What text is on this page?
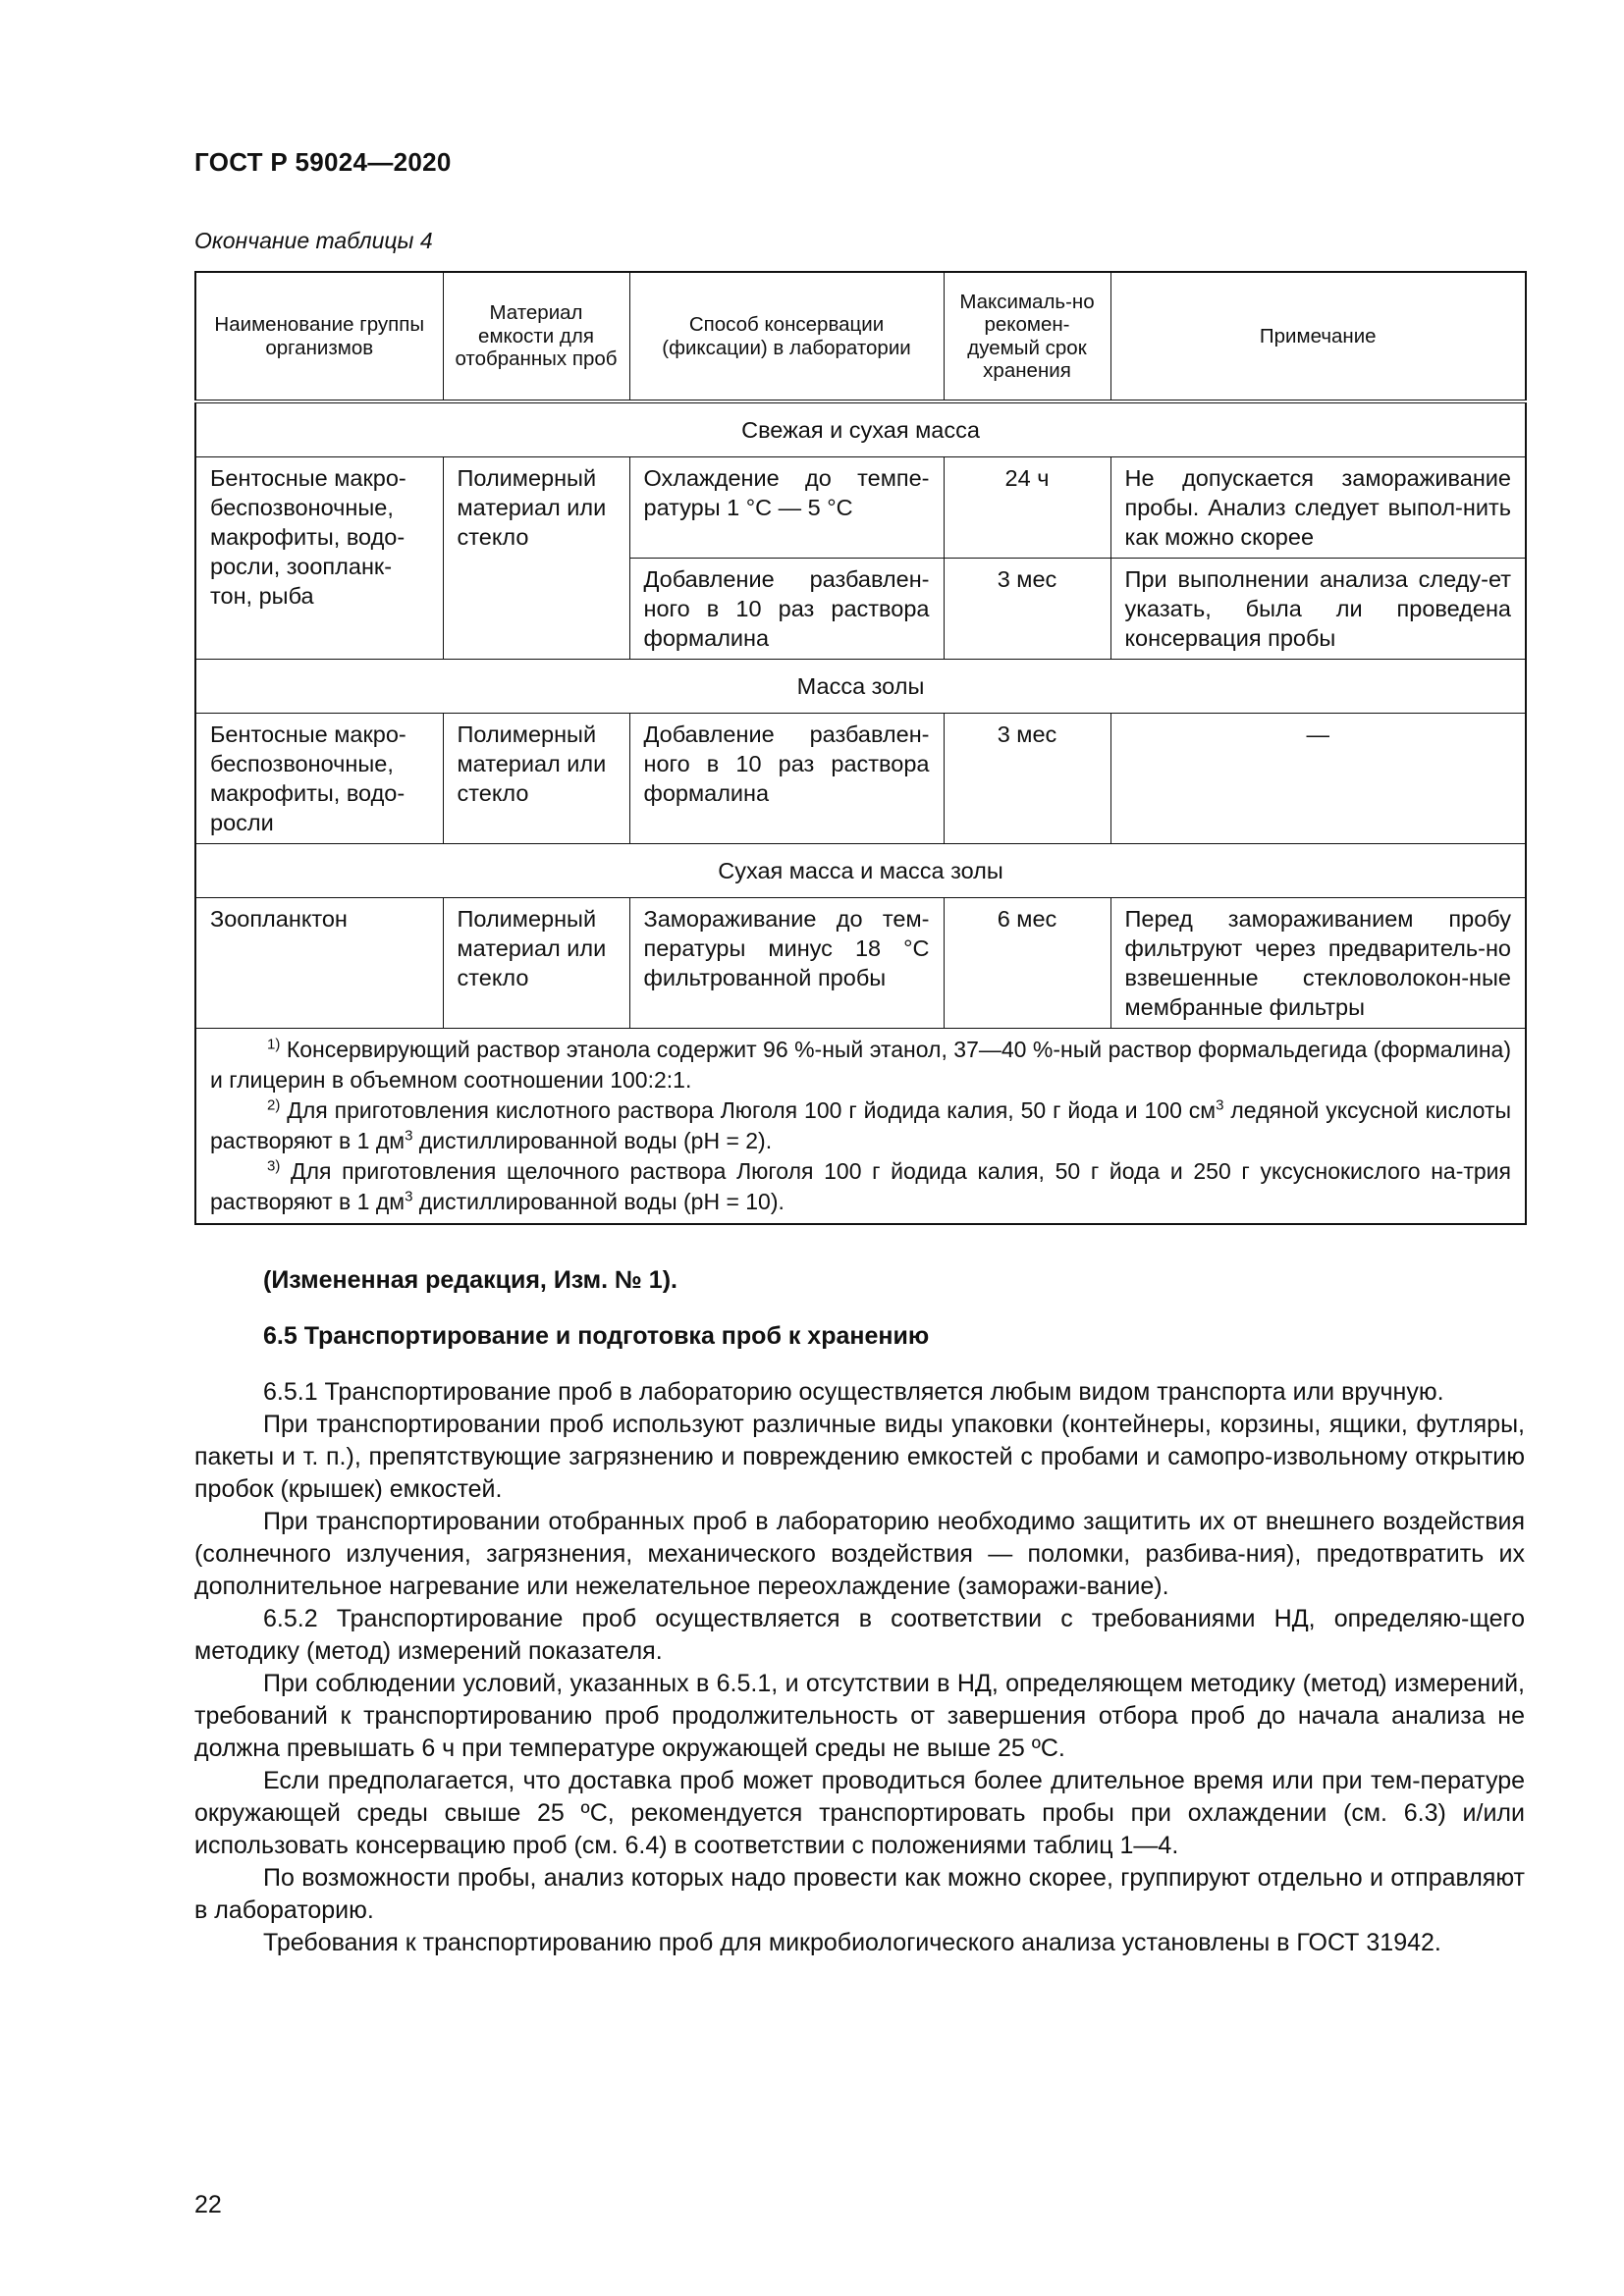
ГОСТ Р 59024—2020
Окончание таблицы 4
Наименование группы организмов	Материал емкости для отобранных проб	Способ консервации (фиксации) в лаборатории	Максималь-но рекомен-дуемый срок хранения	Примечание
Свежая и сухая масса				
Бентосные макро-беспозвоночные, макрофиты, водо-росли, зоопланк-тон, рыба	Полимерный материал или стекло	Охлаждение до темпе-ратуры 1 °С — 5 °С	24 ч	Не допускается замораживание пробы. Анализ следует выпол-нить как можно скорее
		Добавление разбавлен-ного в 10 раз раствора формалина	3 мес	При выполнении анализа следу-ет указать, была ли проведена консервация пробы
Масса золы				
Бентосные макро-беспозвоночные, макрофиты, водо-росли	Полимерный материал или стекло	Добавление разбавлен-ного в 10 раз раствора формалина	3 мес	—
Сухая масса и масса золы				
Зоопланктон	Полимерный материал или стекло	Замораживание до тем-пературы минус 18 °С фильтрованной пробы	6 мес	Перед замораживанием пробу фильтруют через предваритель-но взвешенные стекловолокон-ные мембранные фильтры

$^{1)}$ Консервирующий раствор этанола содержит 96 %-ный этанол, 37—40 %-ный раствор формальдегида (формалина) и глицерин в объемном соотношении 100:2:1.
$^{2)}$ Для приготовления кислотного раствора Люголя 100 г йодида калия, 50 г йода и 100 $см^3$ ледяной уксусной кислоты растворяют в 1 $дм^3$ дистиллированной воды (рН = 2).
$^{3)}$ Для приготовления щелочного раствора Люголя 100 г йодида калия, 50 г йода и 250 г уксуснокислого на-трия растворяют в 1 $дм^3$ дистиллированной воды (рН = 10).				

(Измененная редакция, Изм. № 1).

6.5 Транспортирование и подготовка проб к хранению

6.5.1 Транспортирование проб в лабораторию осуществляется любым видом транспорта или вручную.

При транспортировании проб используют различные виды упаковки (контейнеры, корзины, ящики, футляры, пакеты и т. п.), препятствующие загрязнению и повреждению емкостей с пробами и самопро-извольному открытию пробок (крышек) емкостей.

При транспортировании отобранных проб в лабораторию необходимо защитить их от внешнего воздействия (солнечного излучения, загрязнения, механического воздействия — поломки, разбива-ния), предотвратить их дополнительное нагревание или нежелательное переохлаждение (заморажи-вание).

6.5.2 Транспортирование проб осуществляется в соответствии с требованиями НД, определяю-щего методику (метод) измерений показателя.

При соблюдении условий, указанных в 6.5.1, и отсутствии в НД, определяющем методику (метод) измерений, требований к транспортированию проб продолжительность от завершения отбора проб до начала анализа не должна превышать 6 ч при температуре окружающей среды не выше 25 ºС.

Если предполагается, что доставка проб может проводиться более длительное время или при тем-пературе окружающей среды свыше 25 ºС, рекомендуется транспортировать пробы при охлаждении (см. 6.3) и/или использовать консервацию проб (см. 6.4) в соответствии с положениями таблиц 1—4.

По возможности пробы, анализ которых надо провести как можно скорее, группируют отдельно и отправляют в лабораторию.

Требования к транспортированию проб для микробиологического анализа установлены в ГОСТ 31942.

22
